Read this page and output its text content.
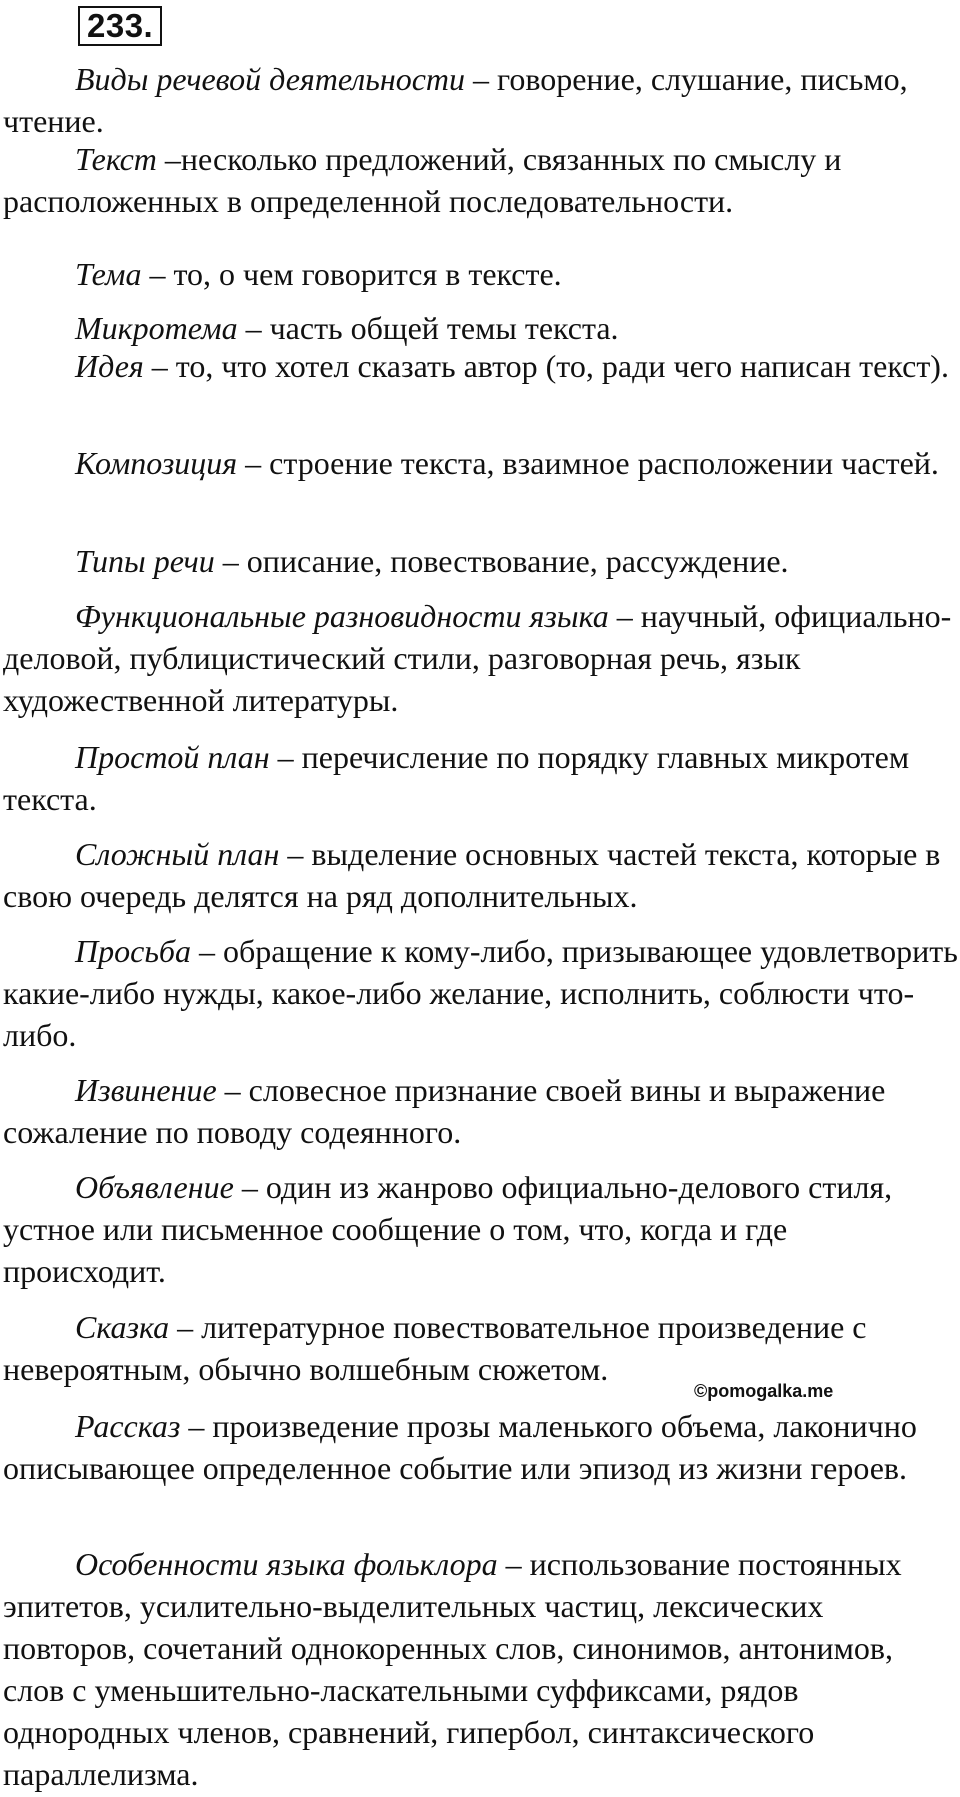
233.

Виды речевой деятельности – говорение, слушание, письмо, чтение.

Текст –несколько предложений, связанных по смыслу и расположенных в определенной последовательности.

Тема – то, о чем говорится в тексте.

Микротема – часть общей темы текста.

Идея – то, что хотел сказать автор (то, ради чего написан текст).

Композиция – строение текста, взаимное расположении частей.

Типы речи – описание, повествование, рассуждение.

Функциональные разновидности языка – научный, официально-деловой, публицистический стили, разговорная речь, язык художественной литературы.

Простой план – перечисление по порядку главных микротем текста.

Сложный план – выделение основных частей текста, которые в свою очередь делятся на ряд дополнительных.

Просьба – обращение к кому-либо, призывающее удовлетворить какие-либо нужды, какое-либо желание, исполнить, соблюсти что-либо.

Извинение – словесное признание своей вины и выражение сожаление по поводу содеянного.

Объявление – один из жанрово официально-делового стиля, устное или письменное сообщение о том, что, когда и где происходит.

Сказка – литературное повествовательное произведение с невероятным, обычно волшебным сюжетом.

©pomogalka.me

Рассказ – произведение прозы маленького объема, лаконично описывающее определенное событие или эпизод из жизни героев.

Особенности языка фольклора – использование постоянных эпитетов, усилительно-выделительных частиц, лексических повторов, сочетаний однокоренных слов, синонимов, антонимов, слов с уменьшительно-ласкательными суффиксами, рядов однородных членов, сравнений, гипербол, синтаксического параллелизма.
